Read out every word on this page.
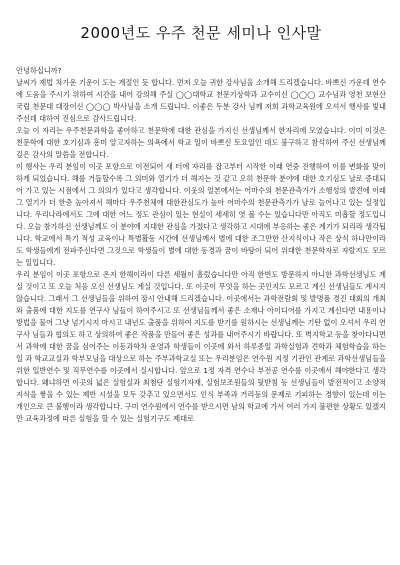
2000년도 우주 천문 세미나 인사말

안녕하십니까?

날씨가 제법 차가운 기운이 도는 계절인 듯 합니다. 먼저 오늘 귀한 강사님을 소개해 드리겠습니다. 바쁘신 가운데 연수에 도움을 주시기 위하여 시간을 내어 강의해 주실 ◯◯대학교 천문기상학과 교수이신 ◯◯◯ 교수님과 영천 보현산 국립 천문대 대장이신 ◯◯◯ 박사님을 소개 드립니다. 이좋은 두분 강사 님께 저희 과학교육원에 오셔서 행사를 빛내 주신데 대하여 진심으로 감사드립니다.

오늘 이 자리는 우주천문과학을 좋아하고 천문학에 대한 관심을 가지신 선생님께서 한자리에 모였습니다. 이미 이것은 천문학에 대한 호기심과 흥미 알고자하는 의욕에서 학교 일이 바쁘신 토요일인 데도 불구하고 참석하여 주신 선생님께 깊은 감사의 말씀을 전합니다.

이 행사는 우리 분임이 이곳 포항으로 이전되어 새 터에 자리를 잡고부터 시작한 이래 연중 진행하여 이를 변화를 맞이하게 되었습니다. 해를 거듭할수록 그 의미와 열기가 더 해지는 것 같고 오히 천문학 분야에 대한 호기심도 날로 증대되어 가고 있는 시점에서 그 의의가 있다고 생각합니다. 이웃의 일본에서는 어마수의 천문관측가가 소행성의 발견에 이래 그 열기가 더 한층 높아져서 해마다 우주천체에 대한관심도가 높아 어마수의 천문관측가가 날로 늘어나고 있는 실정입니다. 우리나라에서도 그에 대한 어느 정도 관심이 있는 현실이 세세히 엿 볼 수는 있습니다만 아직도 미흡할 정도입니다. 오늘 참가하신 선생님께도 이 분야에 지대한 관심을 가졌다고 생각하고 시대에 부응하는 좋은 계기가 되리라 생각됩니다. 학교에서 특기 적성 교육이나 특별활동 시간에 선생님께서 별에 대한 조그만한 산지식이나 작은 상식 하나만이라도 학생들에게 전파주신다면 그것으로 학생들이 별에 대한 동경과 꿈이 바탕이 되어 위대한 천문학자로 자랄지도 모르는 일입니다.

우리 분임이 이곳 포항으로 온지 한해이라이 다른 세월이 흘렀습니다만 아직 한번도 방문하지 아니한 과학선생님도 계실 것이고 또 오늘 처음 오신 선생님도 계실 것입니다. 또 이곳이 무엇을 하는 곳인지도 모르고 계신 선생님들도 계시지 않습니다. 그래서 그 선생님들을 위하여 잠시 안내해 드리겠습니다. 이곳에서는 과학전람회 및 발명품 경진 대회의 개최와 출품에 대한 지도를 연구사 님들이 하여주시고 또 선생님들께서 좋은 소재나 아이디어를 가지고 계신다면 내용이나 방법을 물어 그냥 넘기시지 마시고 내년도 출품을 위하여 지도를 받기를 원하시는 선생님께는 기탄 없이 오셔서 우리 연구사 님들과 협의도 하고 상의하여 좋은 작품을 만들어 좋은 성과를 내어주시기 바랍니다. 또 벽지학교 등을 찾아다니면서 과학에 대한 꿈을 심어주는 이동과학차 운영과 학생들이 이곳에 와서 하루종일 과학실험과 견학과 체험학습을 하는 일 과 학교교실과 학부모님을 대상으로 하는 주부과학교실 또는 우리분임은 연수원 지정 기관인 관계로 과학선생님들을 위한 일반연수 및 직무연수를 이곳에서 실시합니다. 앞으로 1정 자격 연수나 부전공 연수를 이곳에서 해야한다고 생각합니다. 왜냐하면 이곳의 넓은 실험실과 최첨단 실험기자재, 실험보조원들의 뒷받침 등 선생님들이 발전적이고 소양적 지식을 쌓을 수 있는 제반 시설을 모두 갖추고 있으면서도 인식 부족과 거리등의 문제로 기피하는 경향이 있는데 이는 개인으로 큰 불행이라 생각합니다. 구미 연수원에서 연수를 받으시면 남의 학교에 가서 여러 가지 불편한 상황도 있겠지만 교육과정에 따른 실험을 할 수 있는 실험기구도 제대로
